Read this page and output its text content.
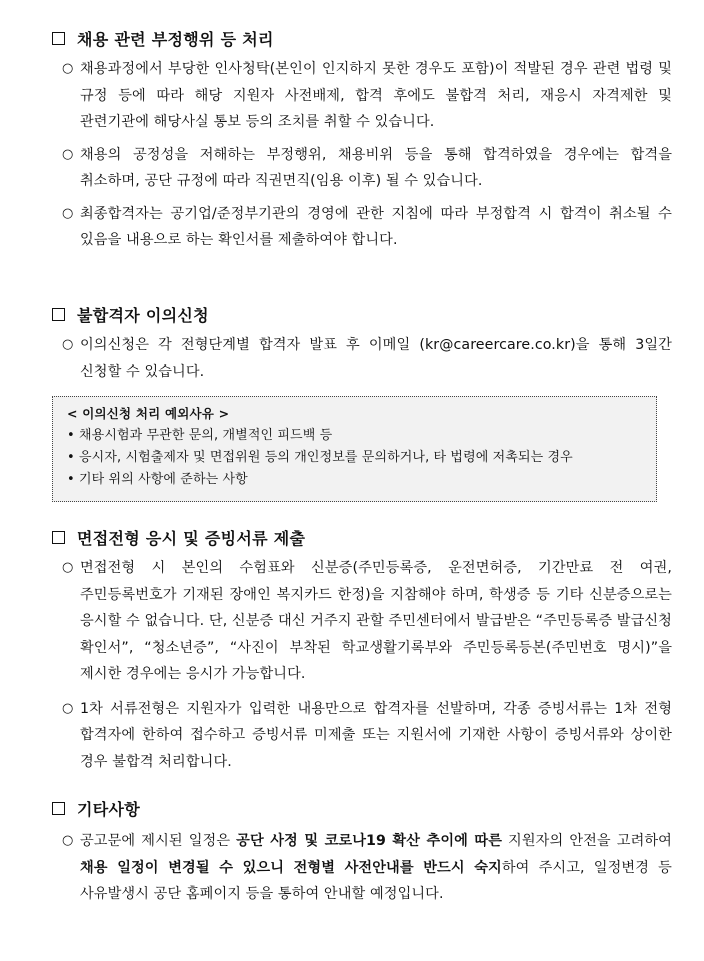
채용 관련 부정행위 등 처리
○ 채용과정에서 부당한 인사청탁(본인이 인지하지 못한 경우도 포함)이 적발된 경우 관련 법령 및 규정 등에 따라 해당 지원자 사전배제, 합격 후에도 불합격 처리, 재응시 자격제한 및 관련기관에 해당사실 통보 등의 조치를 취할 수 있습니다.
○ 채용의 공정성을 저해하는 부정행위, 채용비위 등을 통해 합격하였을 경우에는 합격을 취소하며, 공단 규정에 따라 직권면직(임용 이후) 될 수 있습니다.
○ 최종합격자는 공기업/준정부기관의 경영에 관한 지침에 따라 부정합격 시 합격이 취소될 수 있음을 내용으로 하는 확인서를 제출하여야 합니다.
불합격자 이의신청
○ 이의신청은 각 전형단계별 합격자 발표 후 이메일 (kr@careercare.co.kr)을 통해 3일간 신청할 수 있습니다.
< 이의신청 처리 예외사유 >
• 채용시험과 무관한 문의, 개별적인 피드백 등
• 응시자, 시험출제자 및 면접위원 등의 개인정보를 문의하거나, 타 법령에 저촉되는 경우
• 기타 위의 사항에 준하는 사항
면접전형 응시 및 증빙서류 제출
○ 면접전형 시 본인의 수험표와 신분증(주민등록증, 운전면허증, 기간만료 전 여권, 주민등록번호가 기재된 장애인 복지카드 한정)을 지참해야 하며, 학생증 등 기타 신분증으로는 응시할 수 없습니다. 단, 신분증 대신 거주지 관할 주민센터에서 발급받은 “주민등록증 발급신청 확인서”, “청소년증”, “사진이 부착된 학교생활기록부와 주민등록등본(주민번호 명시)”을 제시한 경우에는 응시가 가능합니다.
○ 1차 서류전형은 지원자가 입력한 내용만으로 합격자를 선발하며, 각종 증빙서류는 1차 전형 합격자에 한하여 접수하고 증빙서류 미제출 또는 지원서에 기재한 사항이 증빙서류와 상이한 경우 불합격 처리합니다.
기타사항
○ 공고문에 제시된 일정은 공단 사정 및 코로나19 확산 추이에 따른 지원자의 안전을 고려하여 채용 일정이 변경될 수 있으니 전형별 사전안내를 반드시 숙지하여 주시고, 일정변경 등 사유발생시 공단 홈페이지 등을 통하여 안내할 예정입니다.
